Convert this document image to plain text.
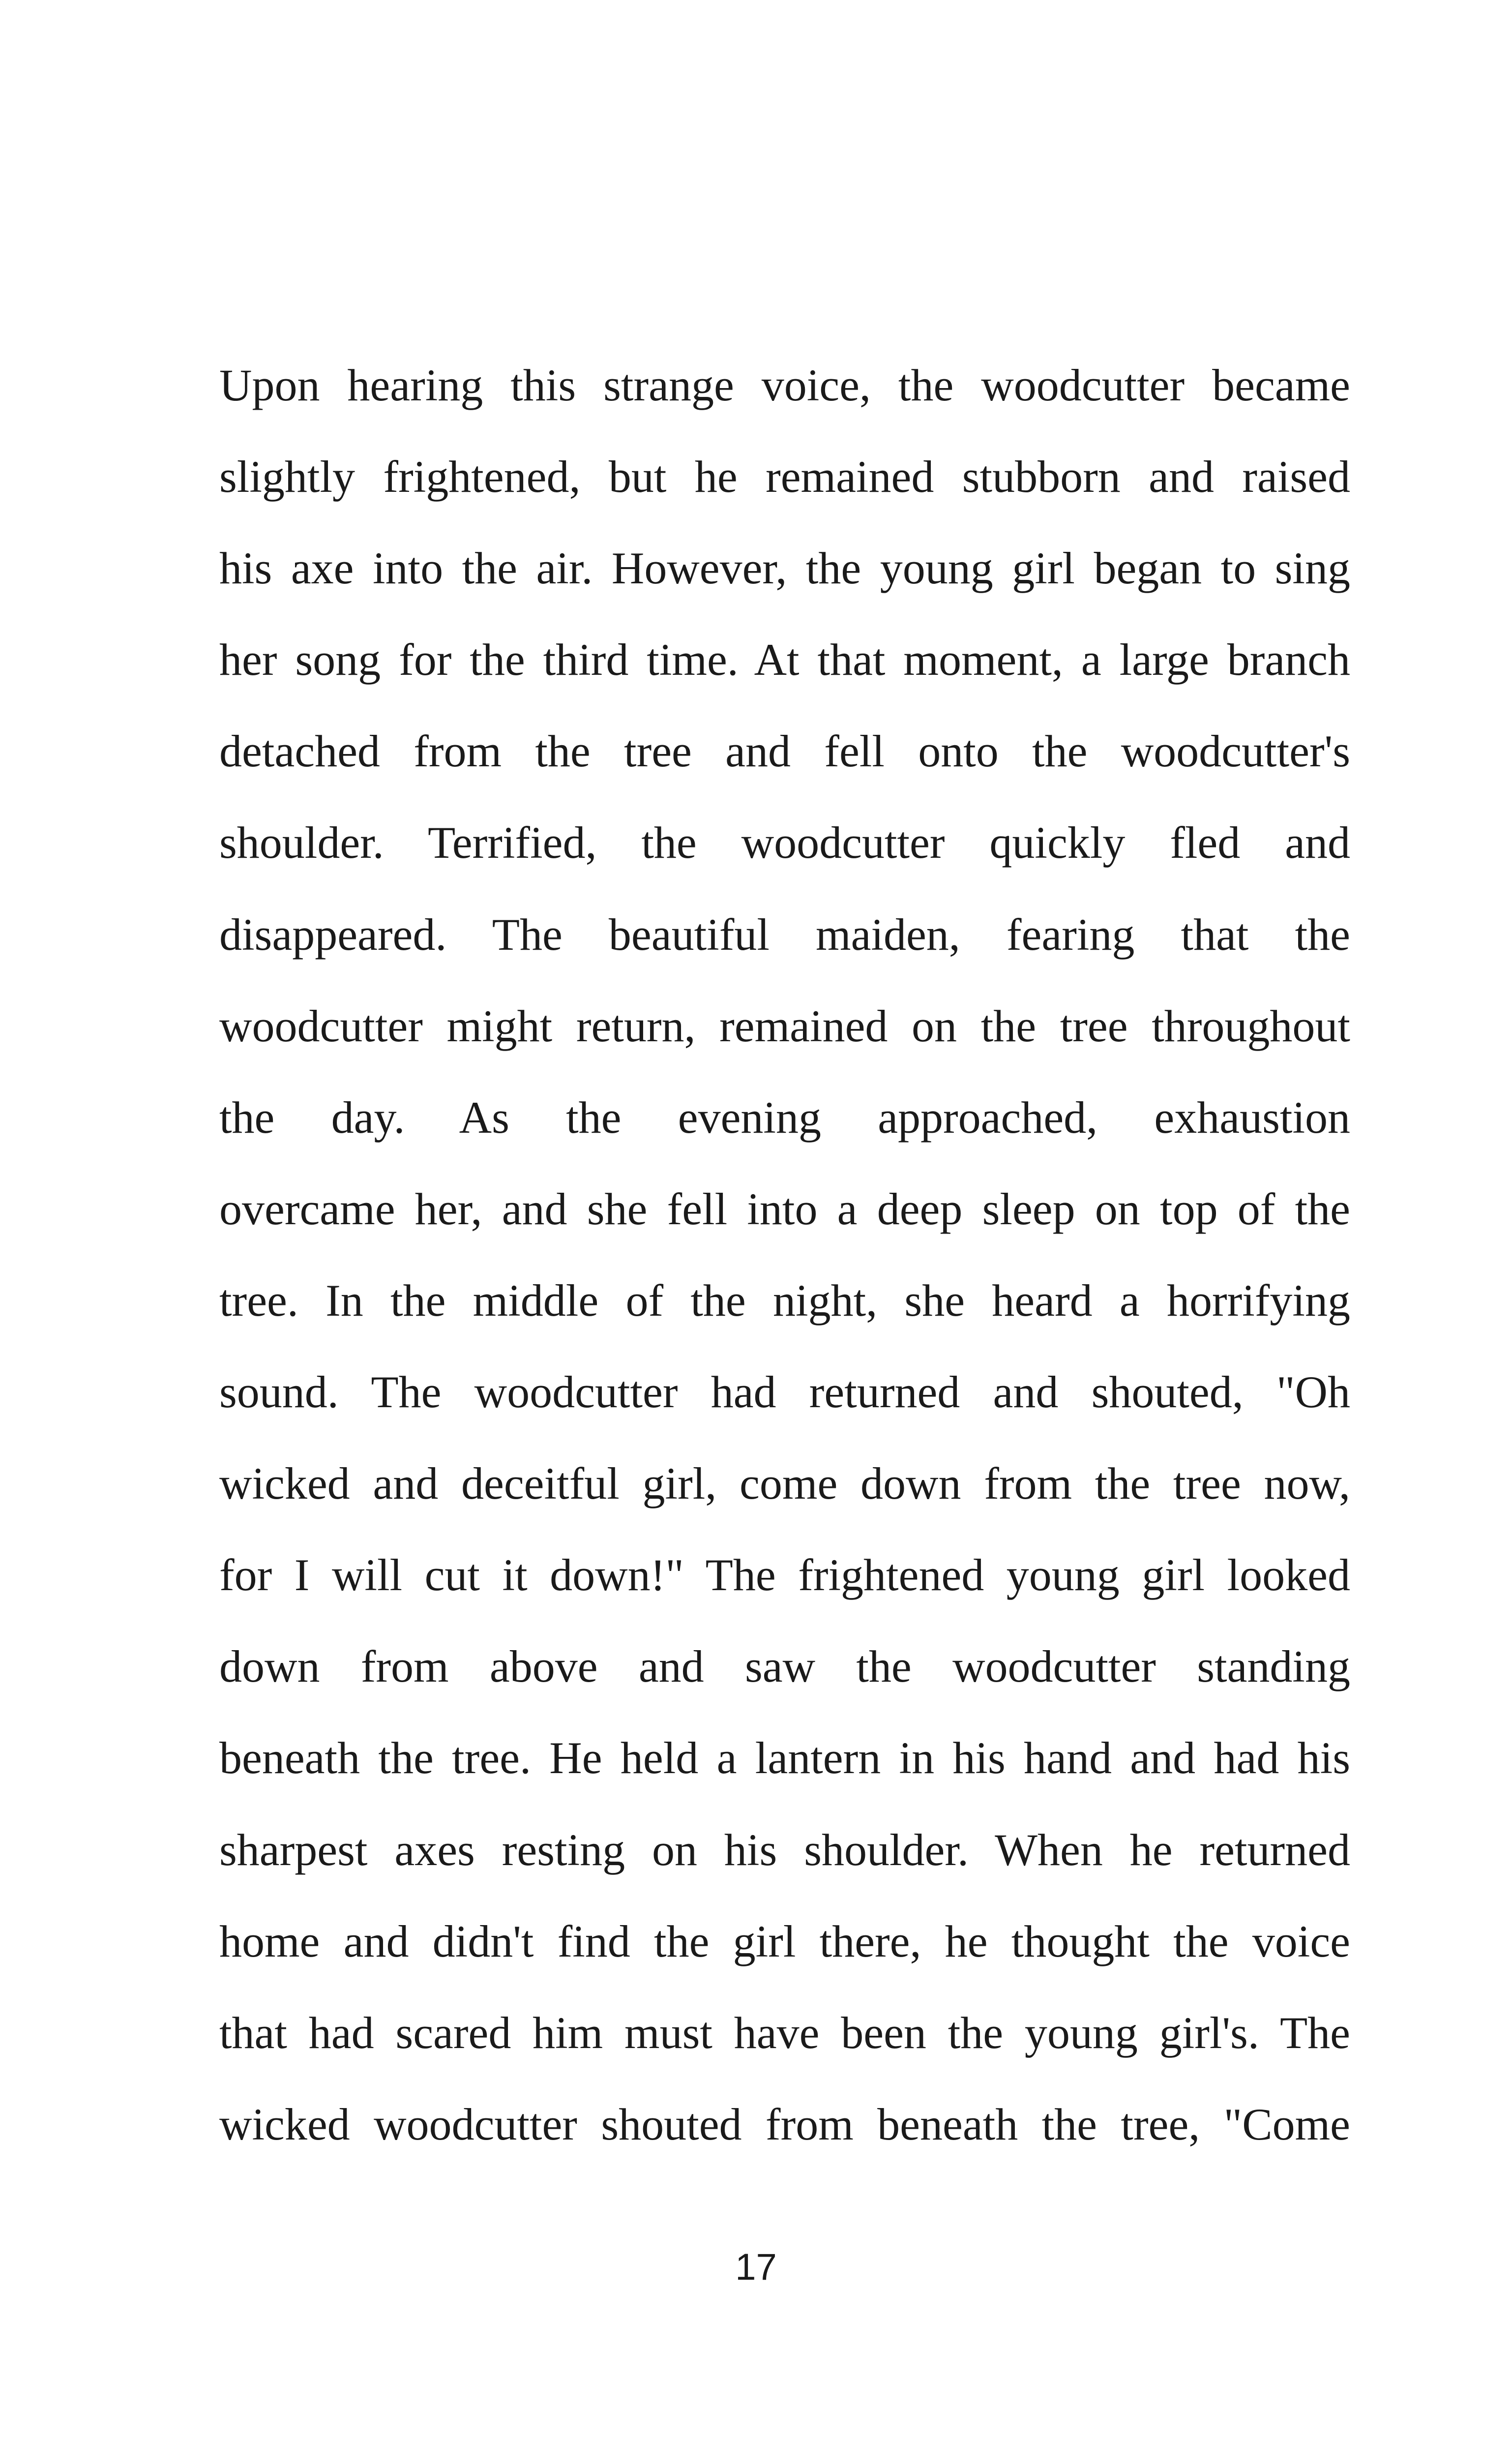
Upon hearing this strange voice, the woodcutter became
slightly frightened, but he remained stubborn and raised
his axe into the air. However, the young girl began to sing
her song for the third time. At that moment, a large branch
detached from the tree and fell onto the woodcutter's
shoulder. Terrified, the woodcutter quickly fled and
disappeared. The beautiful maiden, fearing that the
woodcutter might return, remained on the tree throughout
the day. As the evening approached, exhaustion
overcame her, and she fell into a deep sleep on top of the
tree. In the middle of the night, she heard a horrifying
sound. The woodcutter had returned and shouted, "Oh
wicked and deceitful girl, come down from the tree now,
for I will cut it down!" The frightened young girl looked
down from above and saw the woodcutter standing
beneath the tree. He held a lantern in his hand and had his
sharpest axes resting on his shoulder. When he returned
home and didn't find the girl there, he thought the voice
that had scared him must have been the young girl's. The
wicked woodcutter shouted from beneath the tree, "Come
17
